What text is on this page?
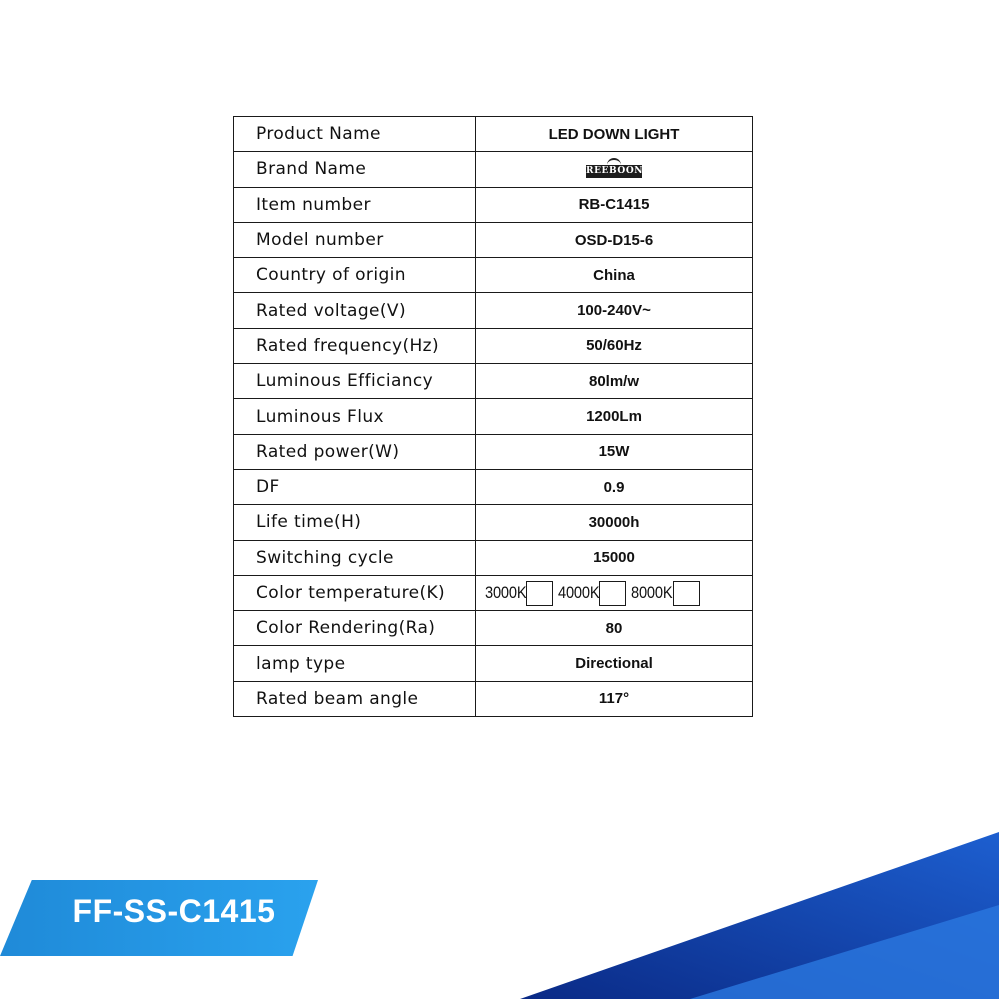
Product Name	LED DOWN LIGHT
Brand Name	REEBOON

Item number	RB-C1415
Model number	OSD-D15-6
Country of origin	China
Rated voltage(V)	100-240V~
Rated frequency(Hz)	50/60Hz
Luminous Efficiancy	80lm/w
Luminous Flux	1200Lm
Rated power(W)	15W
DF	0.9
Life time(H)	30000h
Switching cycle	15000
Color temperature(K)	3000K 4000K 8000K

Color Rendering(Ra)	80
lamp type	Directional
Rated beam angle	117°
FF-SS-C1415
